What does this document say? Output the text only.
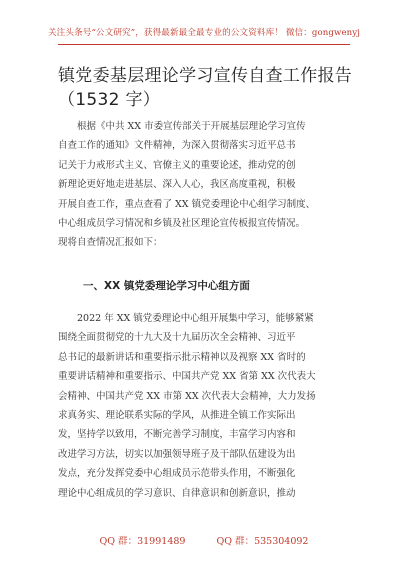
关注头条号“公文研究”，获得最新最全最专业的公文资料库！ 微信：gongwenyj
镇党委基层理论学习宣传自查工作报告
（1532 字）
　　根据《中共 XX 市委宣传部关于开展基层理论学习宣传
自查工作的通知》文件精神，为深入贯彻落实习近平总书
记关于力戒形式主义、官僚主义的重要论述，推动党的创
新理论更好地走进基层、深入人心，我区高度重视，积极
开展自查工作，重点查看了 XX 镇党委理论中心组学习制度、
中心组成员学习情况和乡镇及社区理论宣传板报宣传情况。
现将自查情况汇报如下：
一、XX 镇党委理论学习中心组方面
　　2022 年 XX 镇党委理论中心组开展集中学习，能够紧紧
围绕全面贯彻党的十九大及十九届历次全会精神、习近平
总书记的最新讲话和重要指示批示精神以及视察 XX 省时的
重要讲话精神和重要指示、中国共产党 XX 省第 XX 次代表大
会精神、中国共产党 XX 市第 XX 次代表大会精神，大力发扬
求真务实、理论联系实际的学风，从推进全镇工作实际出
发，坚持学以致用，不断完善学习制度，丰富学习内容和
改进学习方法，切实以加强领导班子及干部队伍建设为出
发点，充分发挥党委中心组成员示范带头作用，不断强化
理论中心组成员的学习意识、自律意识和创新意识，推动
QQ 群：31991489	QQ 群：535304092
